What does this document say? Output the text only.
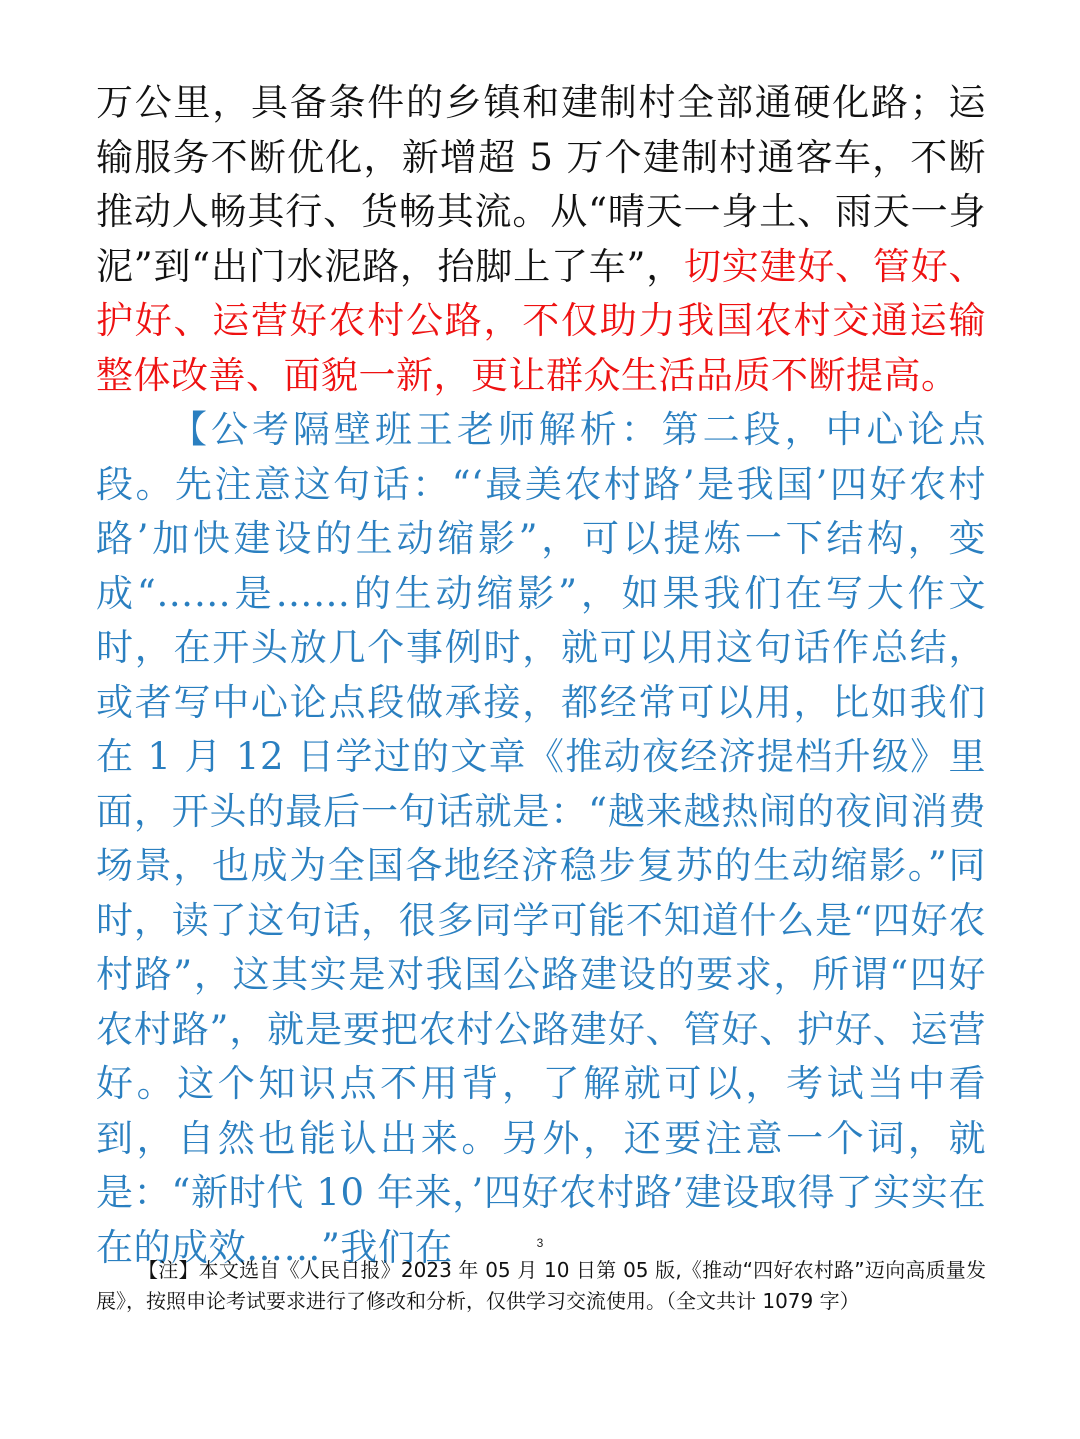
万公里，具备条件的乡镇和建制村全部通硬化路；运输服务不断优化，新增超 5 万个建制村通客车，不断推动人畅其行、货畅其流。从“晴天一身土、雨天一身泥”到“出门水泥路，抬脚上了车”，切实建好、管好、护好、运营好农村公路，不仅助力我国农村交通运输整体改善、面貌一新，更让群众生活品质不断提高。

【公考隔壁班王老师解析：第二段，中心论点段。先注意这句话：“‘最美农村路’是我国’四好农村路’加快建设的生动缩影”，可以提炼一下结构，变成“……是……的生动缩影”，如果我们在写大作文时，在开头放几个事例时，就可以用这句话作总结，或者写中心论点段做承接，都经常可以用，比如我们在 1 月 12 日学过的文章《推动夜经济提档升级》里面，开头的最后一句话就是：“越来越热闹的夜间消费场景，也成为全国各地经济稳步复苏的生动缩影。”同时，读了这句话，很多同学可能不知道什么是“四好农村路”，这其实是对我国公路建设的要求，所谓“四好农村路”，就是要把农村公路建好、管好、护好、运营好。这个知识点不用背，了解就可以，考试当中看到，自然也能认出来。另外，还要注意一个词，就是：“新时代 10 年来，’四好农村路’建设取得了实实在在的成效……”我们在	3
【注】本文选自《人民日报》2023 年 05 月 10 日第 05 版,《推动“四好农村路”迈向高质量发展》，按照申论考试要求进行了修改和分析，仅供学习交流使用。（全文共计 1079 字）
